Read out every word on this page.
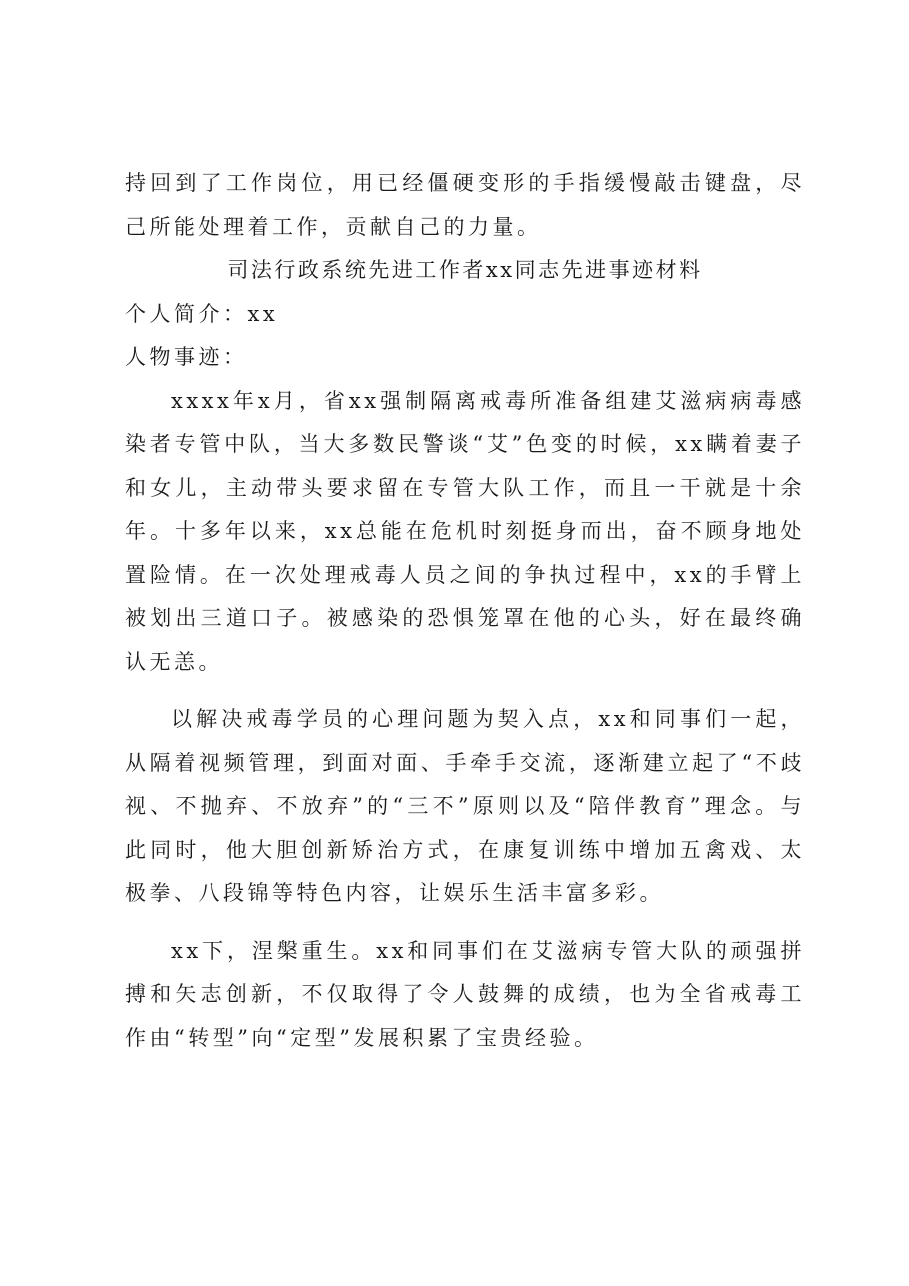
持回到了工作岗位，用已经僵硬变形的手指缓慢敲击键盘，尽己所能处理着工作，贡献自己的力量。

司法行政系统先进工作者xx同志先进事迹材料

个人简介：xx

人物事迹：

xxxx年x月，省xx强制隔离戒毒所准备组建艾滋病病毒感染者专管中队，当大多数民警谈“艾”色变的时候，xx瞒着妻子和女儿，主动带头要求留在专管大队工作，而且一干就是十余年。十多年以来，xx总能在危机时刻挺身而出，奋不顾身地处置险情。在一次处理戒毒人员之间的争执过程中，xx的手臂上被划出三道口子。被感染的恐惧笼罩在他的心头，好在最终确认无恙。

以解决戒毒学员的心理问题为契入点，xx和同事们一起，从隔着视频管理，到面对面、手牵手交流，逐渐建立起了“不歧视、不抛弃、不放弃”的“三不”原则以及“陪伴教育”理念。与此同时，他大胆创新矫治方式，在康复训练中增加五禽戏、太极拳、八段锦等特色内容，让娱乐生活丰富多彩。

xx下，涅槃重生。xx和同事们在艾滋病专管大队的顽强拼搏和矢志创新，不仅取得了令人鼓舞的成绩，也为全省戒毒工作由“转型”向“定型”发展积累了宝贵经验。
